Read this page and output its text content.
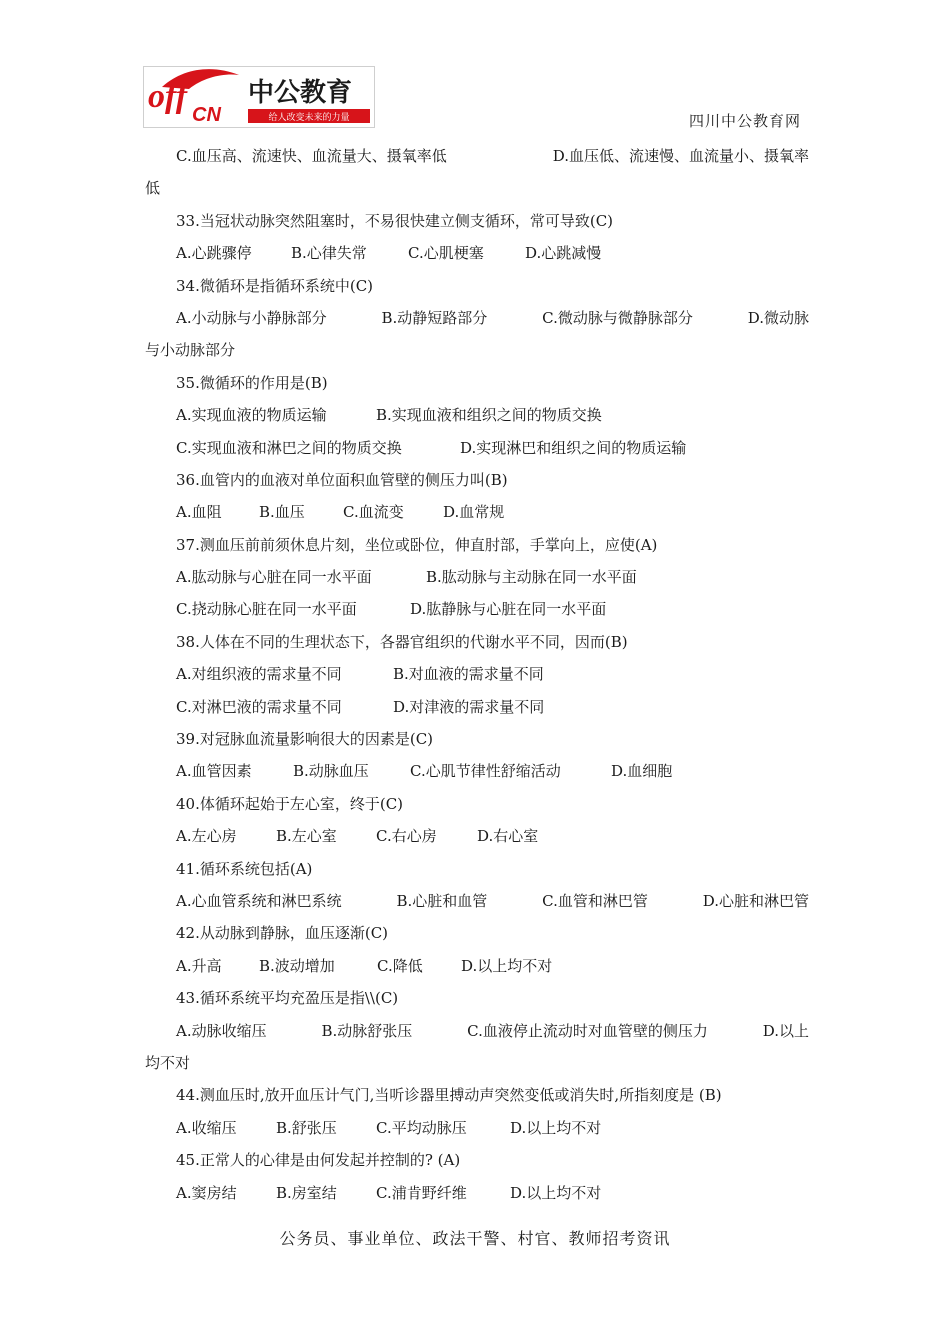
off CN
中公教育
给人改变未来的力量	四川中公教育网
C.血压高、流速快、血流量大、摄氧率低	D.血压低、流速慢、血流量小、摄氧率
低
33.当冠状动脉突然阻塞时，不易很快建立侧支循环，常可导致(C)
A.心跳骤停	B.心律失常	C.心肌梗塞	D.心跳减慢
34.微循环是指循环系统中(C)
A.小动脉与小静脉部分	B.动静短路部分	C.微动脉与微静脉部分	D.微动脉
与小动脉部分
35.微循环的作用是(B)
A.实现血液的物质运输	B.实现血液和组织之间的物质交换
C.实现血液和淋巴之间的物质交换	D.实现淋巴和组织之间的物质运输
36.血管内的血液对单位面积血管壁的侧压力叫(B)
A.血阻 B.血压	C.血流变	D.血常规
37.测血压前前须休息片刻，坐位或卧位，伸直肘部，手掌向上，应使(A)
A.肱动脉与心脏在同一水平面	B.肱动脉与主动脉在同一水平面
C.挠动脉心脏在同一水平面	D.肱静脉与心脏在同一水平面
38.人体在不同的生理状态下，各器官组织的代谢水平不同，因而(B)
A.对组织液的需求量不同	B.对血液的需求量不同
C.对淋巴液的需求量不同	D.对津液的需求量不同
39.对冠脉血流量影响很大的因素是(C)
A.血管因素	B.动脉血压	C.心肌节律性舒缩活动	D.血细胞
40.体循环起始于左心室，终于(C)
A.左心房	B.左心室	C.右心房	D.右心室
41.循环系统包括(A)
A.心血管系统和淋巴系统	B.心脏和血管	C.血管和淋巴管	D.心脏和淋巴管
42.从动脉到静脉，血压逐渐(C)
A.升高 B.波动增加	C.降低	D.以上均不对
43.循环系统平均充盈压是指\\(C)
A.动脉收缩压	B.动脉舒张压	C.血液停止流动时对血管壁的侧压力	D.以上
均不对
44.测血压时,放开血压计气门,当听诊器里搏动声突然变低或消失时,所指刻度是 (B)
A.收缩压	B.舒张压	C.平均动脉压	D.以上均不对
45.正常人的心律是由何发起并控制的? (A)
A.窦房结	B.房室结	C.浦肯野纤维	D.以上均不对
公务员、事业单位、政法干警、村官、教师招考资讯
